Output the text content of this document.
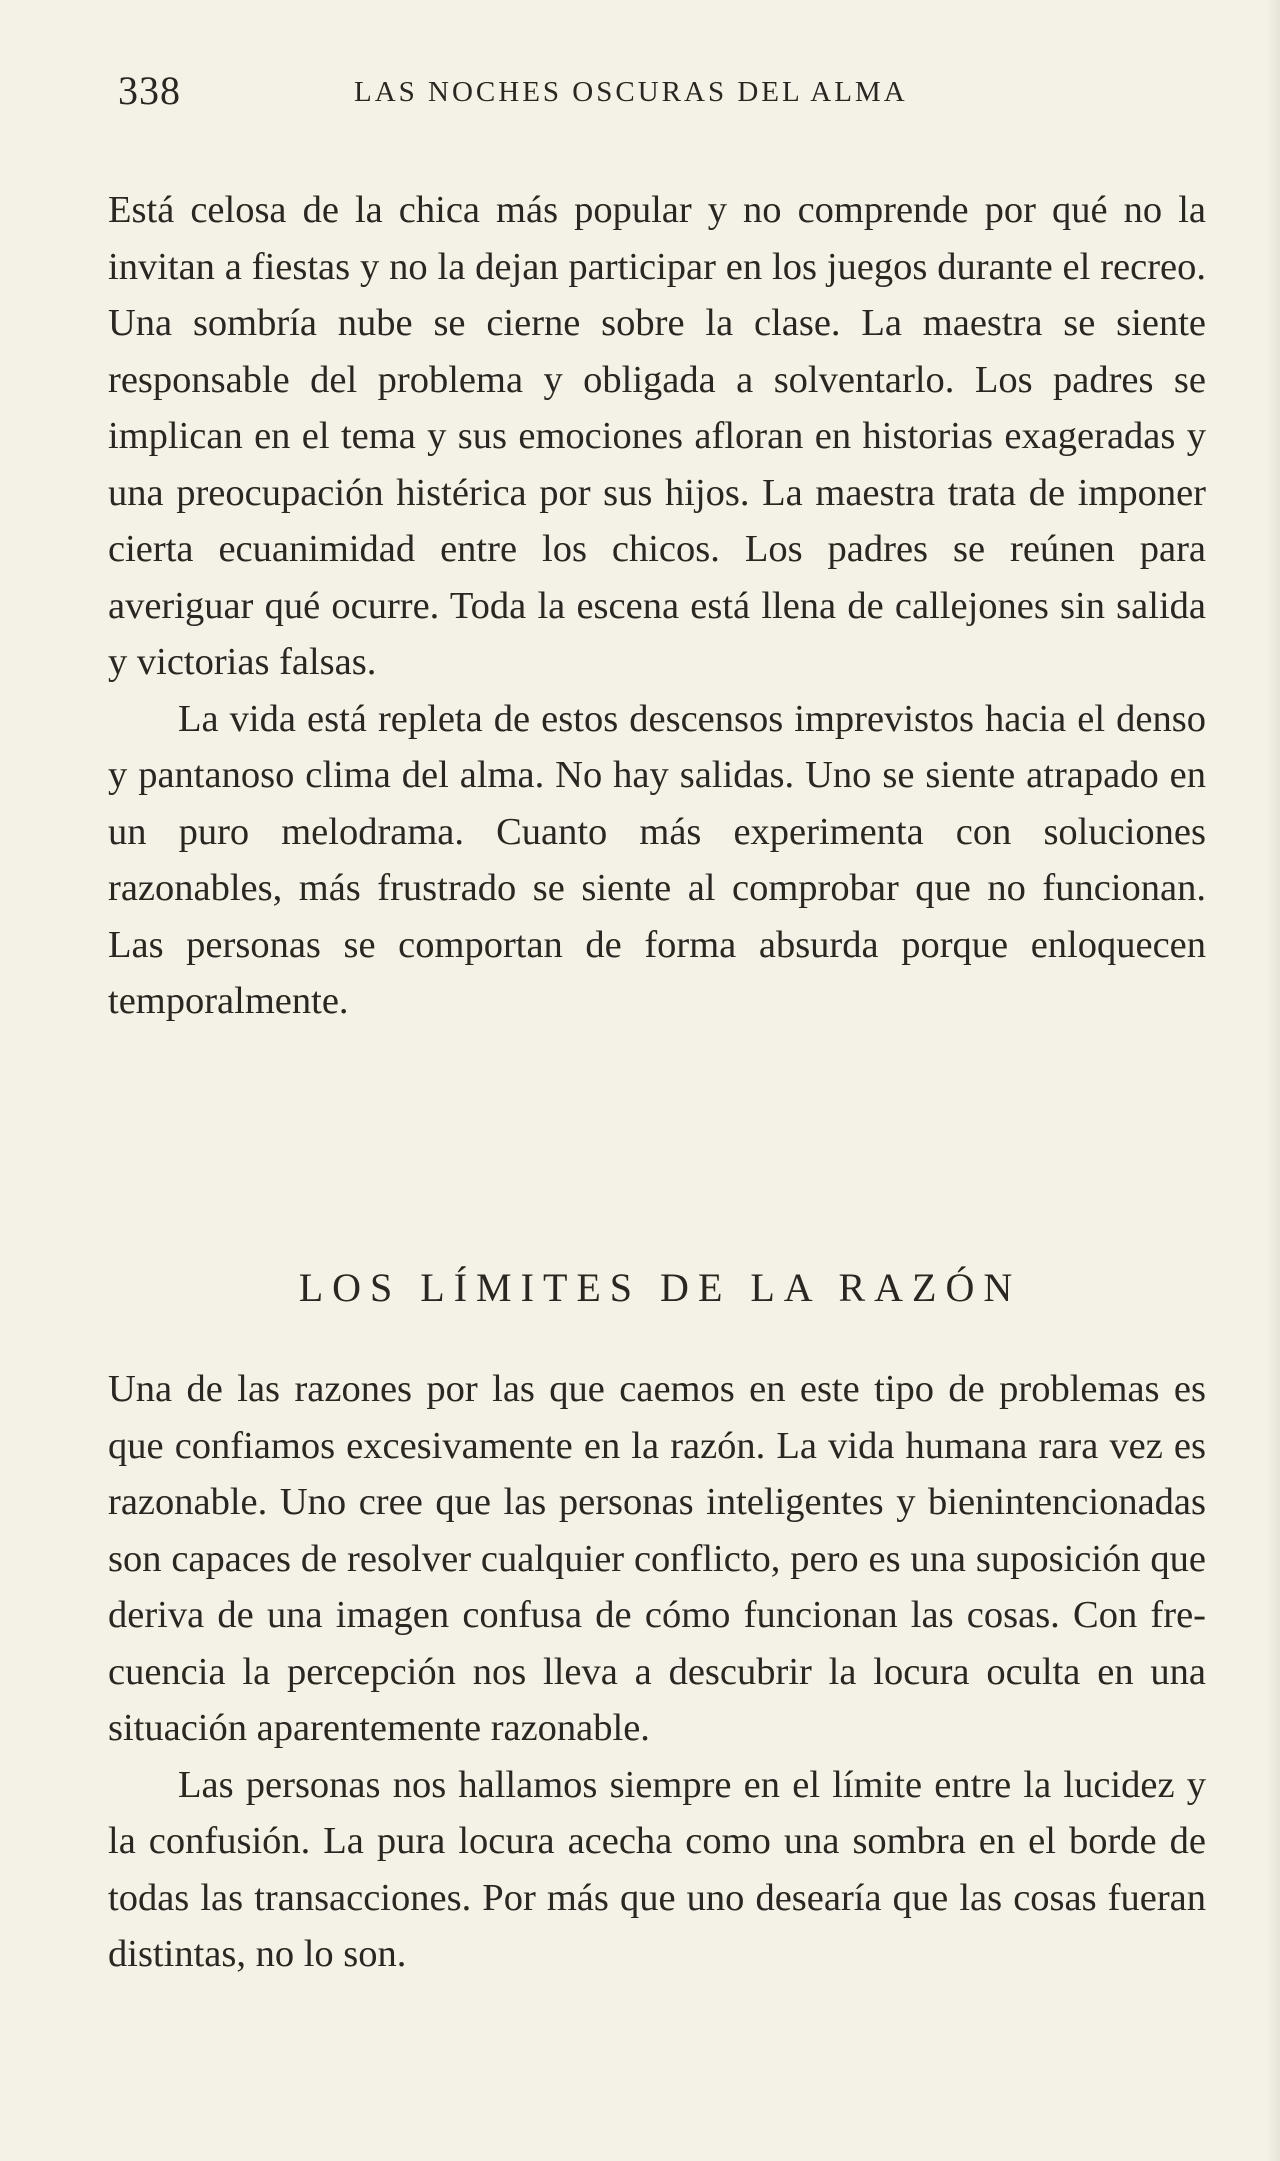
338	LAS NOCHES OSCURAS DEL ALMA

Está celosa de la chica más popular y no comprende por qué no la invitan a fiestas y no la dejan participar en los juegos durante el recreo. Una sombría nube se cierne sobre la clase. La maestra se siente responsable del problema y obligada a solventarlo. Los padres se implican en el tema y sus emociones afloran en historias exageradas y una preocupación histérica por sus hijos. La maestra trata de imponer cierta ecuanimidad entre los chicos. Los padres se reúnen para averiguar qué ocurre. Toda la escena está llena de callejones sin salida y victorias falsas.

La vida está repleta de estos descensos imprevistos hacia el denso y pantanoso clima del alma. No hay salidas. Uno se siente atrapado en un puro melodrama. Cuanto más experimenta con soluciones razonables, más frustrado se siente al comprobar que no funcionan. Las personas se comportan de forma absurda porque enloquecen temporalmente.

LOS LÍMITES DE LA RAZÓN

Una de las razones por las que caemos en este tipo de problemas es que confiamos excesivamente en la razón. La vida humana rara vez es razonable. Uno cree que las personas inteligentes y bienintencionadas son capaces de resolver cualquier conflicto, pero es una suposición que deriva de una imagen confusa de cómo funcionan las cosas. Con frecuencia la percepción nos lleva a descubrir la locura oculta en una situación aparentemente razonable.

Las personas nos hallamos siempre en el límite entre la lucidez y la confusión. La pura locura acecha como una sombra en el borde de todas las transacciones. Por más que uno desearía que las cosas fueran distintas, no lo son.
